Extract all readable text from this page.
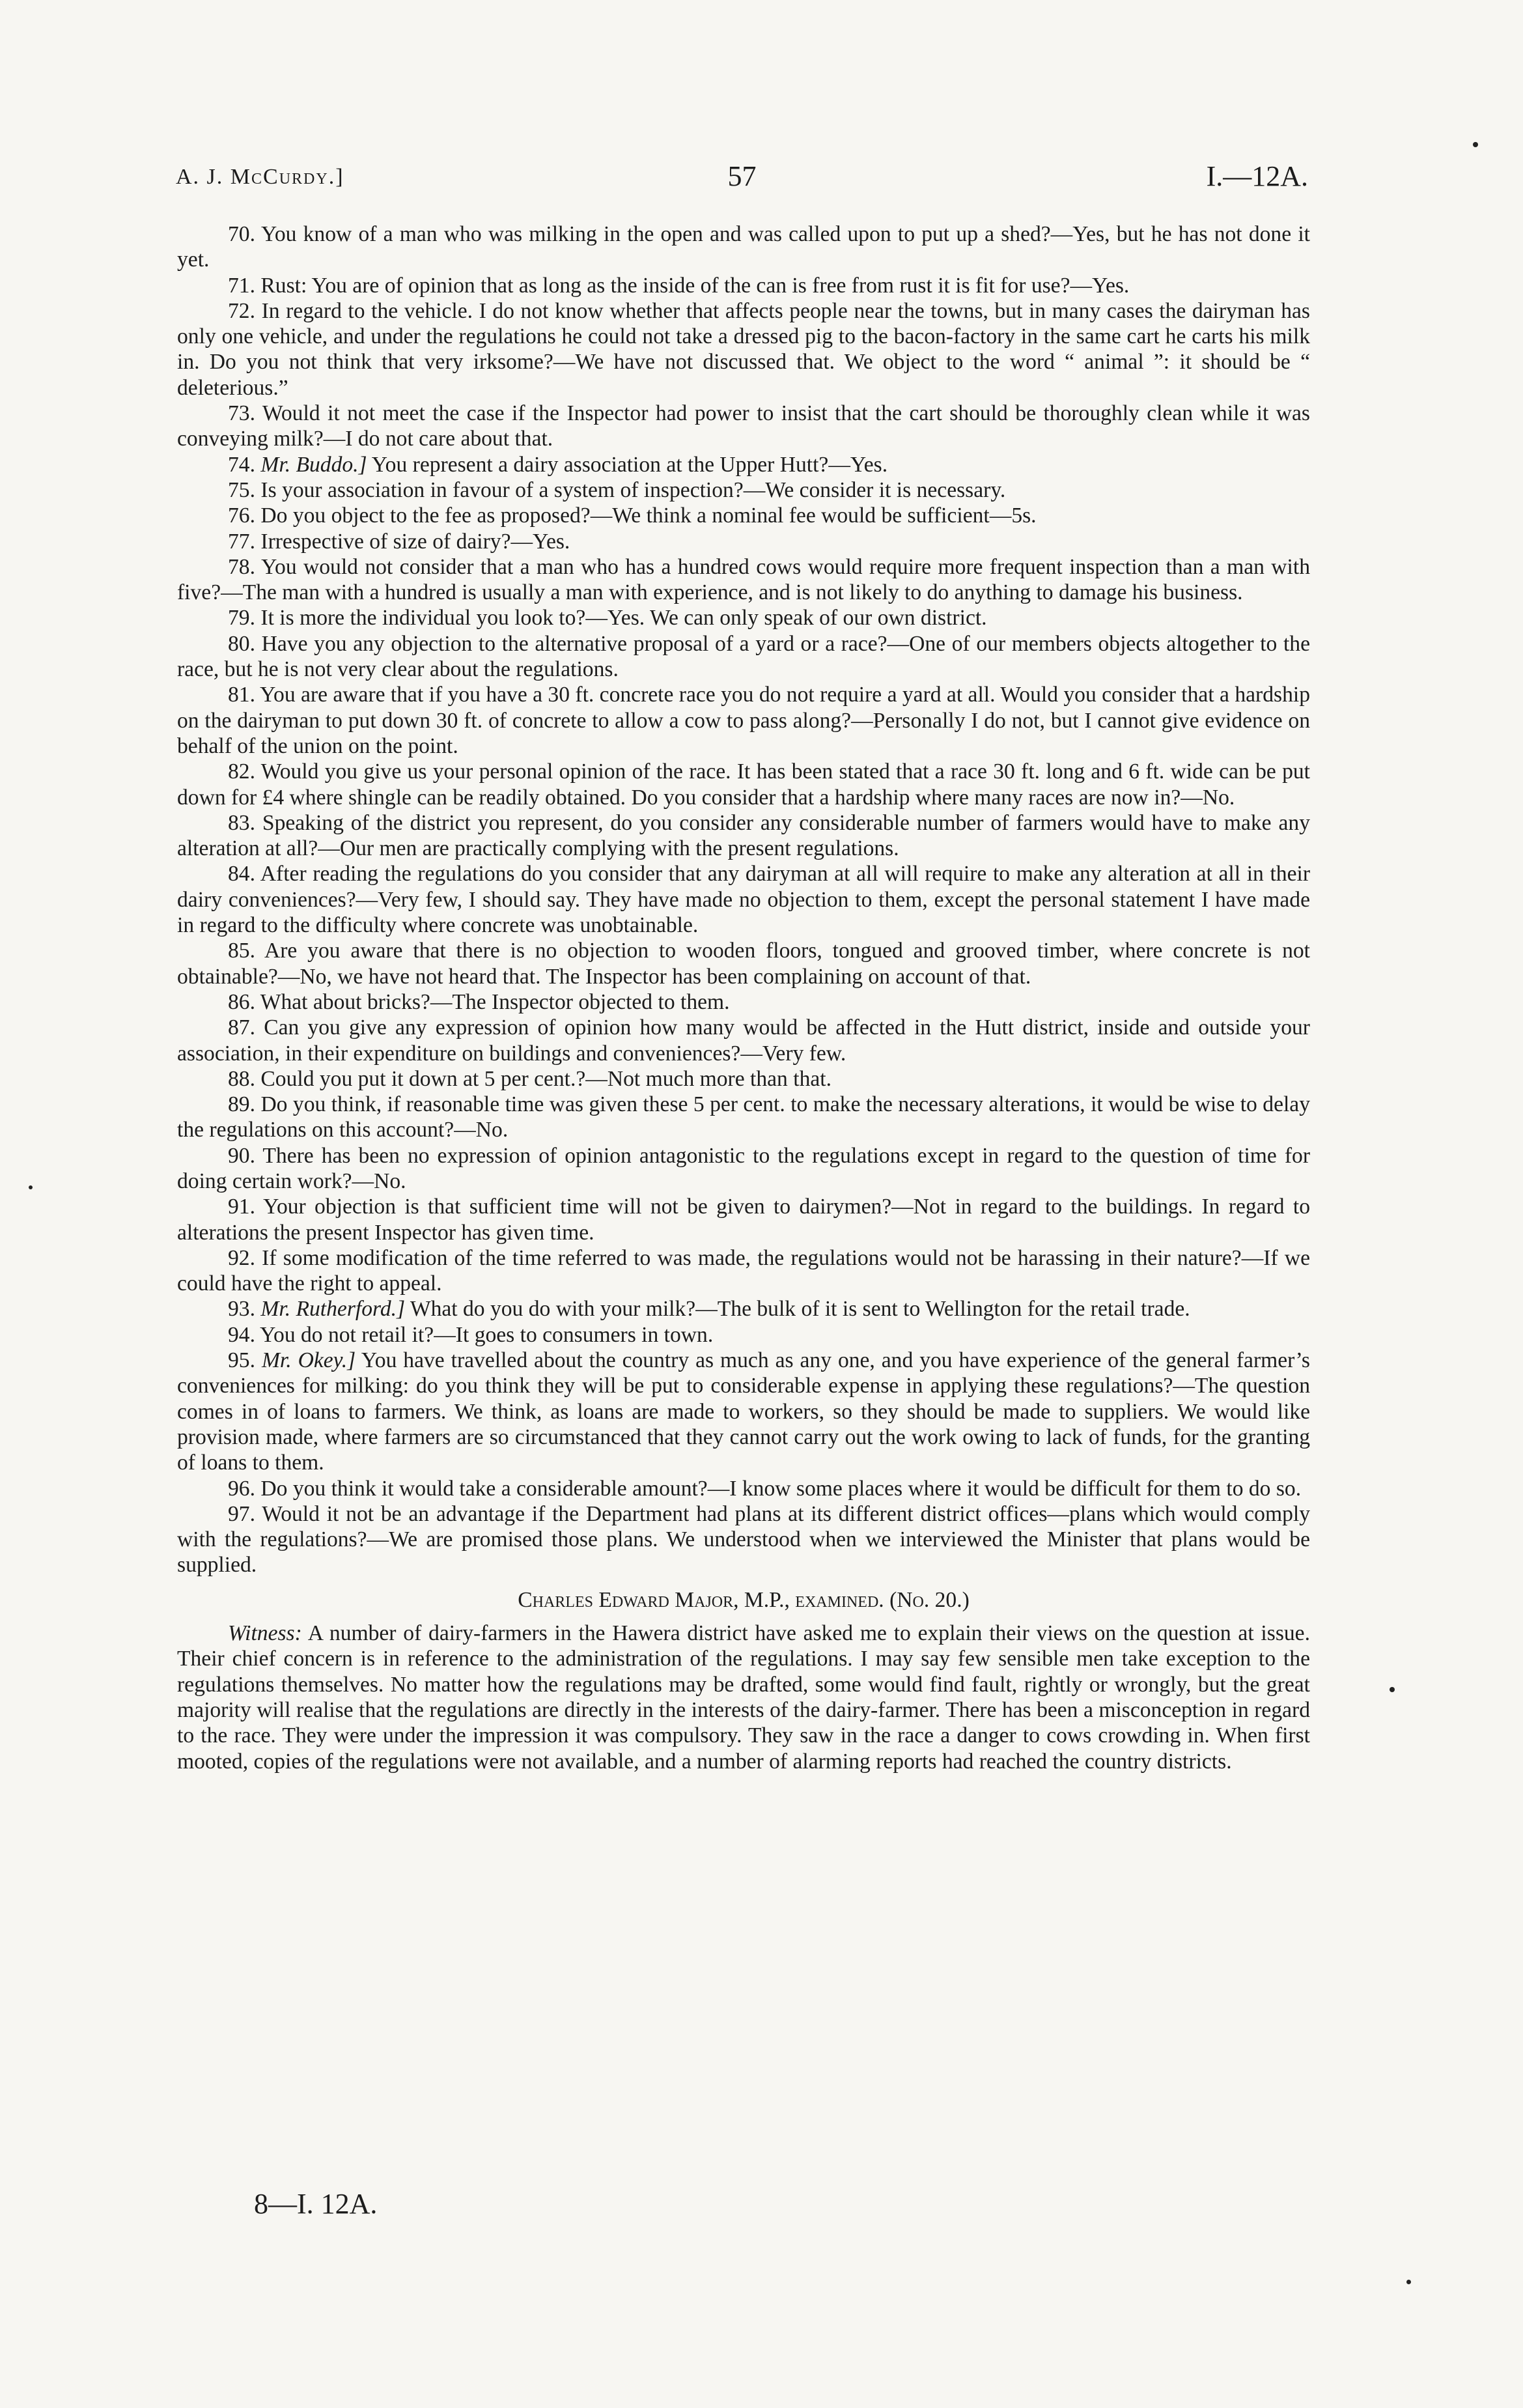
A. J. McCurdy.]	57	I.—12A.

70. You know of a man who was milking in the open and was called upon to put up a shed?—Yes, but he has not done it yet.

71. Rust: You are of opinion that as long as the inside of the can is free from rust it is fit for use?—Yes.

72. In regard to the vehicle. I do not know whether that affects people near the towns, but in many cases the dairyman has only one vehicle, and under the regulations he could not take a dressed pig to the bacon-factory in the same cart he carts his milk in. Do you not think that very irksome?—We have not discussed that. We object to the word “ animal ”: it should be “ deleterious.”

73. Would it not meet the case if the Inspector had power to insist that the cart should be thoroughly clean while it was conveying milk?—I do not care about that.

74. Mr. Buddo.] You represent a dairy association at the Upper Hutt?—Yes.

75. Is your association in favour of a system of inspection?—We consider it is necessary.

76. Do you object to the fee as proposed?—We think a nominal fee would be sufficient—5s.

77. Irrespective of size of dairy?—Yes.

78. You would not consider that a man who has a hundred cows would require more frequent inspection than a man with five?—The man with a hundred is usually a man with experience, and is not likely to do anything to damage his business.

79. It is more the individual you look to?—Yes. We can only speak of our own district.

80. Have you any objection to the alternative proposal of a yard or a race?—One of our members objects altogether to the race, but he is not very clear about the regulations.

81. You are aware that if you have a 30 ft. concrete race you do not require a yard at all. Would you consider that a hardship on the dairyman to put down 30 ft. of concrete to allow a cow to pass along?—Personally I do not, but I cannot give evidence on behalf of the union on the point.

82. Would you give us your personal opinion of the race. It has been stated that a race 30 ft. long and 6 ft. wide can be put down for £4 where shingle can be readily obtained. Do you consider that a hardship where many races are now in?—No.

83. Speaking of the district you represent, do you consider any considerable number of farmers would have to make any alteration at all?—Our men are practically complying with the present regulations.

84. After reading the regulations do you consider that any dairyman at all will require to make any alteration at all in their dairy conveniences?—Very few, I should say. They have made no objection to them, except the personal statement I have made in regard to the difficulty where concrete was unobtainable.

85. Are you aware that there is no objection to wooden floors, tongued and grooved timber, where concrete is not obtainable?—No, we have not heard that. The Inspector has been complaining on account of that.

86. What about bricks?—The Inspector objected to them.

87. Can you give any expression of opinion how many would be affected in the Hutt district, inside and outside your association, in their expenditure on buildings and conveniences?—Very few.

88. Could you put it down at 5 per cent.?—Not much more than that.

89. Do you think, if reasonable time was given these 5 per cent. to make the necessary alterations, it would be wise to delay the regulations on this account?—No.

90. There has been no expression of opinion antagonistic to the regulations except in regard to the question of time for doing certain work?—No.

91. Your objection is that sufficient time will not be given to dairymen?—Not in regard to the buildings. In regard to alterations the present Inspector has given time.

92. If some modification of the time referred to was made, the regulations would not be harassing in their nature?—If we could have the right to appeal.

93. Mr. Rutherford.] What do you do with your milk?—The bulk of it is sent to Wellington for the retail trade.

94. You do not retail it?—It goes to consumers in town.

95. Mr. Okey.] You have travelled about the country as much as any one, and you have experience of the general farmer’s conveniences for milking: do you think they will be put to considerable expense in applying these regulations?—The question comes in of loans to farmers. We think, as loans are made to workers, so they should be made to suppliers. We would like provision made, where farmers are so circumstanced that they cannot carry out the work owing to lack of funds, for the granting of loans to them.

96. Do you think it would take a considerable amount?—I know some places where it would be difficult for them to do so.

97. Would it not be an advantage if the Department had plans at its different district offices—plans which would comply with the regulations?—We are promised those plans. We understood when we interviewed the Minister that plans would be supplied.

Charles Edward Major, M.P., examined. (No. 20.)

Witness: A number of dairy-farmers in the Hawera district have asked me to explain their views on the question at issue. Their chief concern is in reference to the administration of the regulations. I may say few sensible men take exception to the regulations themselves. No matter how the regulations may be drafted, some would find fault, rightly or wrongly, but the great majority will realise that the regulations are directly in the interests of the dairy-farmer. There has been a misconception in regard to the race. They were under the impression it was compulsory. They saw in the race a danger to cows crowding in. When first mooted, copies of the regulations were not available, and a number of alarming reports had reached the country districts.

8—I. 12A.
